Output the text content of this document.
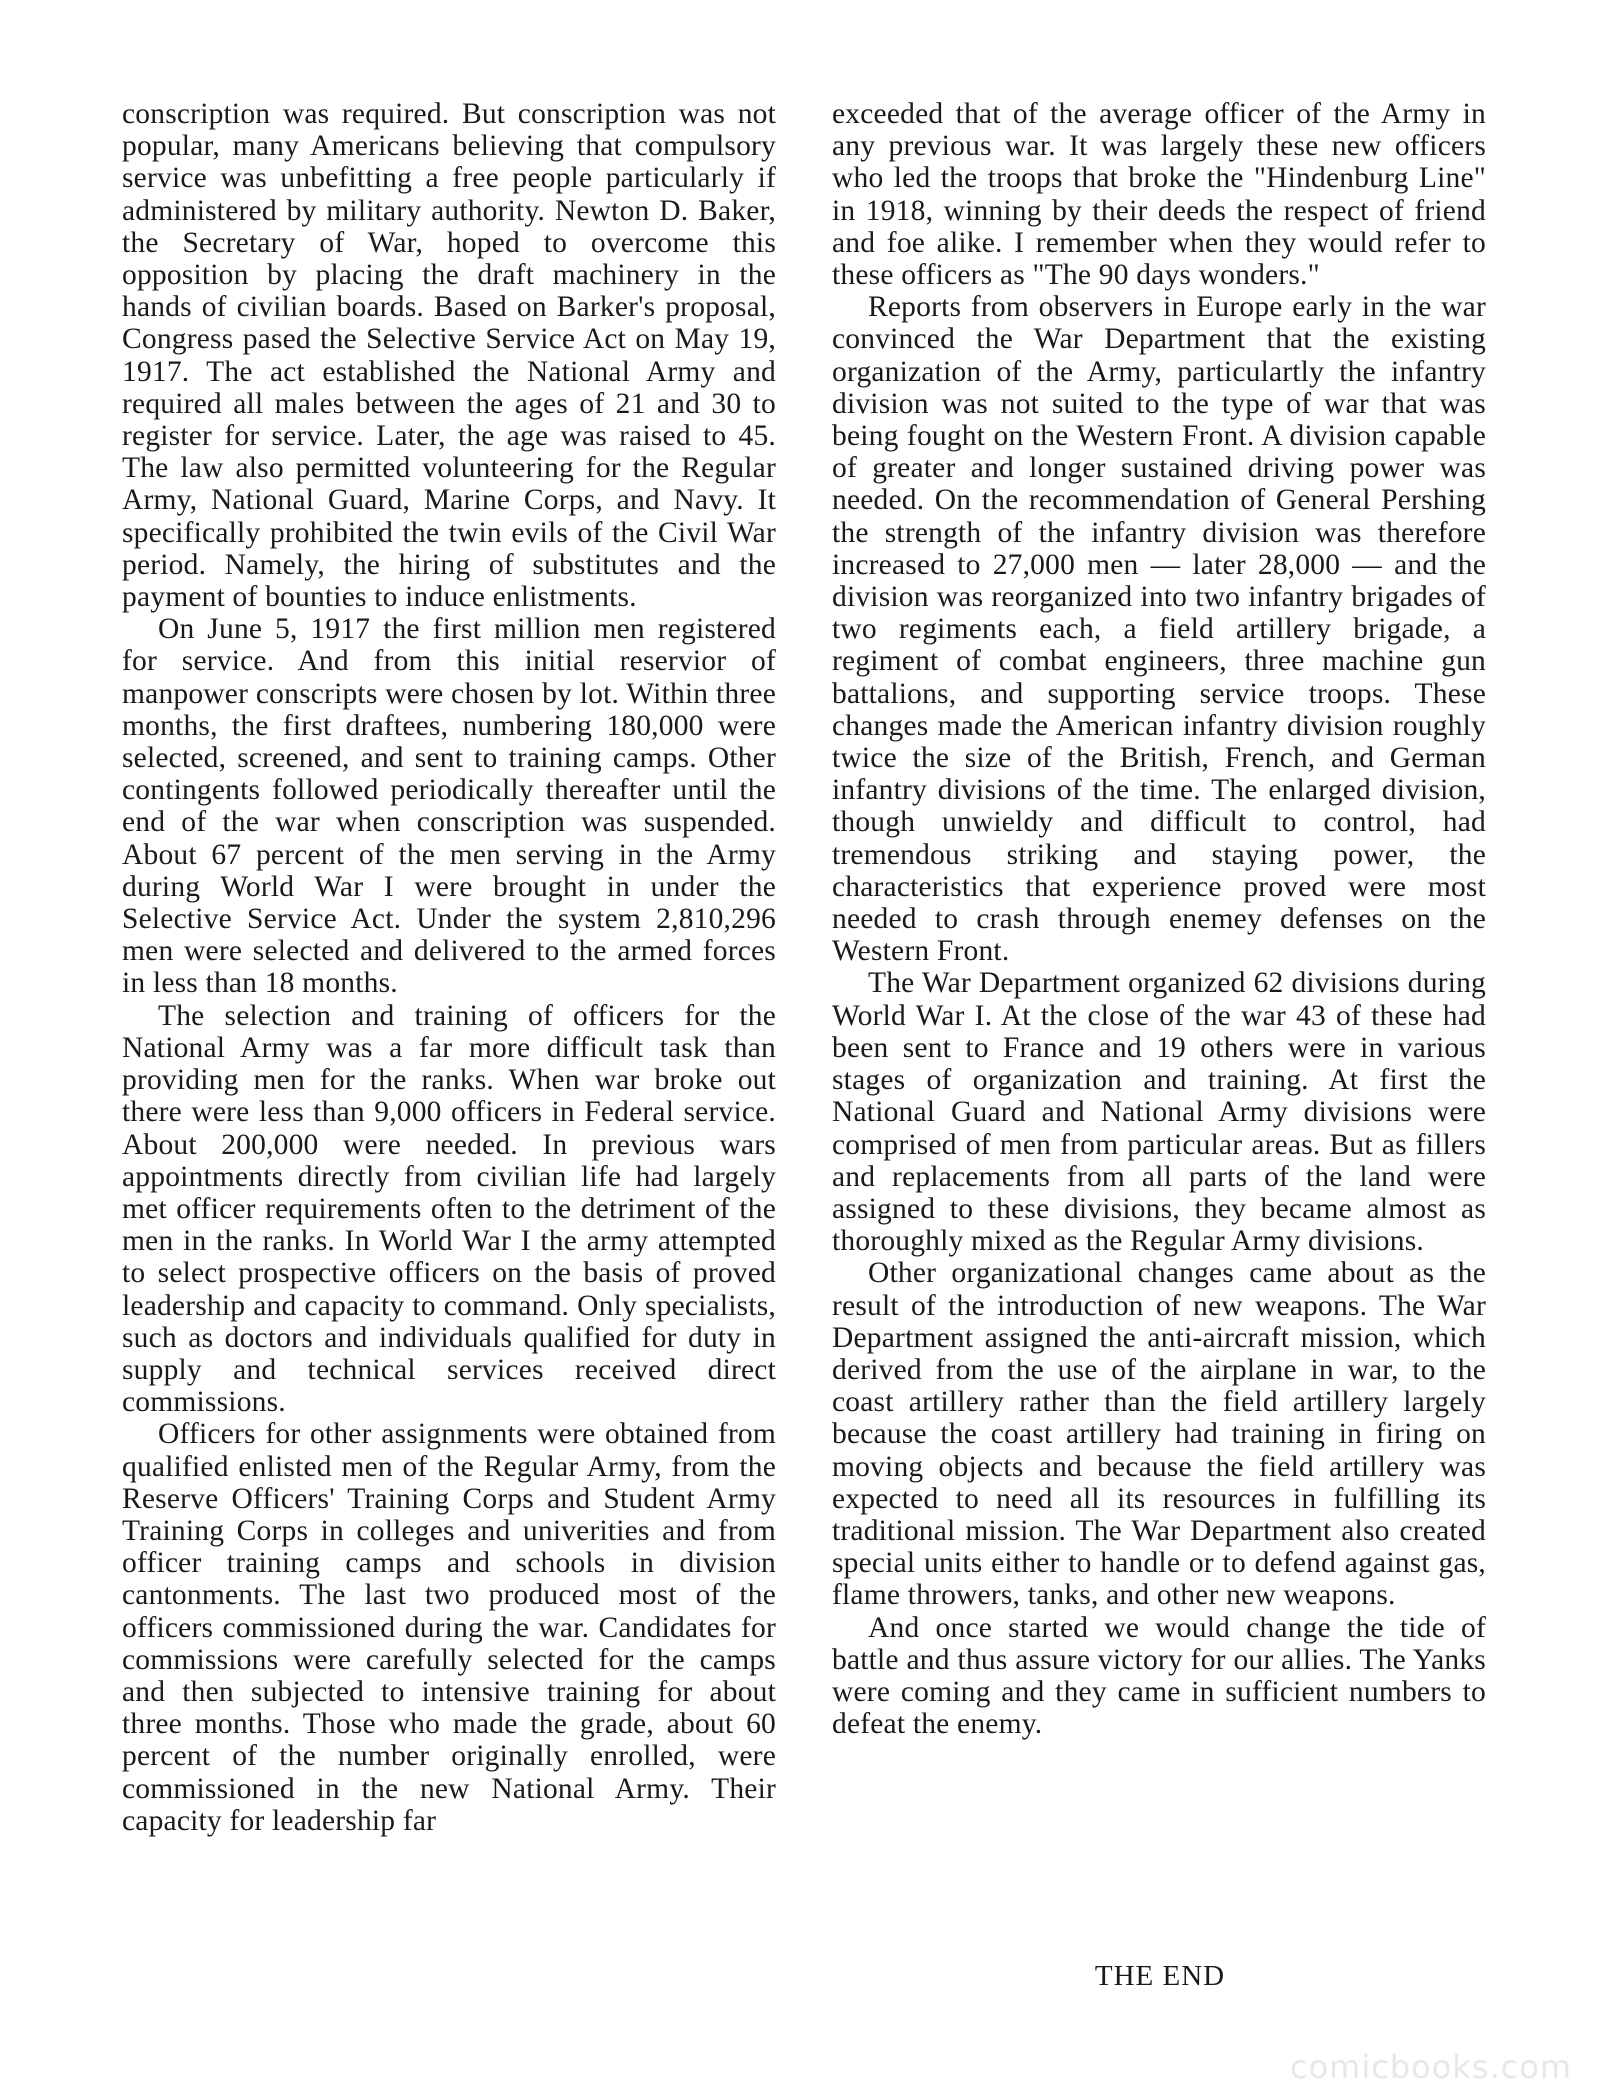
conscription was required. But conscription was not popular, many Americans believing that compulsory service was unbefitting a free people particularly if administered by military authority. Newton D. Baker, the Secretary of War, hoped to overcome this opposition by placing the draft machinery in the hands of civilian boards. Based on Barker's proposal, Congress pased the Selective Service Act on May 19, 1917. The act established the National Army and required all males between the ages of 21 and 30 to register for service. Later, the age was raised to 45. The law also permitted volunteering for the Regular Army, National Guard, Marine Corps, and Navy. It specifically prohibited the twin evils of the Civil War period. Namely, the hiring of substitutes and the payment of bounties to induce enlistments.

On June 5, 1917 the first million men registered for service. And from this initial reservior of manpower conscripts were chosen by lot. Within three months, the first draftees, numbering 180,000 were selected, screened, and sent to training camps. Other contingents followed periodically thereafter until the end of the war when conscription was suspended. About 67 percent of the men serving in the Army during World War I were brought in under the Selective Service Act. Under the system 2,810,296 men were selected and delivered to the armed forces in less than 18 months.

The selection and training of officers for the National Army was a far more difficult task than providing men for the ranks. When war broke out there were less than 9,000 officers in Federal service. About 200,000 were needed. In previous wars appointments directly from civilian life had largely met officer requirements often to the detriment of the men in the ranks. In World War I the army attempted to select prospective officers on the basis of proved leadership and capacity to command. Only specialists, such as doctors and individuals qualified for duty in supply and technical services received direct commissions.

Officers for other assignments were obtained from qualified enlisted men of the Regular Army, from the Reserve Officers' Training Corps and Student Army Training Corps in colleges and univerities and from officer training camps and schools in division cantonments. The last two produced most of the officers commissioned during the war. Candidates for commissions were carefully selected for the camps and then subjected to intensive training for about three months. Those who made the grade, about 60 percent of the number originally enrolled, were commissioned in the new National Army. Their capacity for leadership far

exceeded that of the average officer of the Army in any previous war. It was largely these new officers who led the troops that broke the "Hindenburg Line" in 1918, winning by their deeds the respect of friend and foe alike. I remember when they would refer to these officers as "The 90 days wonders."

Reports from observers in Europe early in the war convinced the War Department that the existing organization of the Army, particulartly the infantry division was not suited to the type of war that was being fought on the Western Front. A division capable of greater and longer sustained driving power was needed. On the recommendation of General Pershing the strength of the infantry division was therefore increased to 27,000 men — later 28,000 — and the division was reorganized into two infantry brigades of two regiments each, a field artillery brigade, a regiment of combat engineers, three machine gun battalions, and supporting service troops. These changes made the American infantry division roughly twice the size of the British, French, and German infantry divisions of the time. The enlarged division, though unwieldy and difficult to control, had tremendous striking and staying power, the characteristics that experience proved were most needed to crash through enemey defenses on the Western Front.

The War Department organized 62 divisions during World War I. At the close of the war 43 of these had been sent to France and 19 others were in various stages of organization and training. At first the National Guard and National Army divisions were comprised of men from particular areas. But as fillers and replacements from all parts of the land were assigned to these divisions, they became almost as thoroughly mixed as the Regular Army divisions.

Other organizational changes came about as the result of the introduction of new weapons. The War Department assigned the anti-aircraft mission, which derived from the use of the airplane in war, to the coast artillery rather than the field artillery largely because the coast artillery had training in firing on moving objects and because the field artillery was expected to need all its resources in fulfilling its traditional mission. The War Department also created special units either to handle or to defend against gas, flame throwers, tanks, and other new weapons.

And once started we would change the tide of battle and thus assure victory for our allies. The Yanks were coming and they came in sufficient numbers to defeat the enemy.

THE END
comicbooks.com
